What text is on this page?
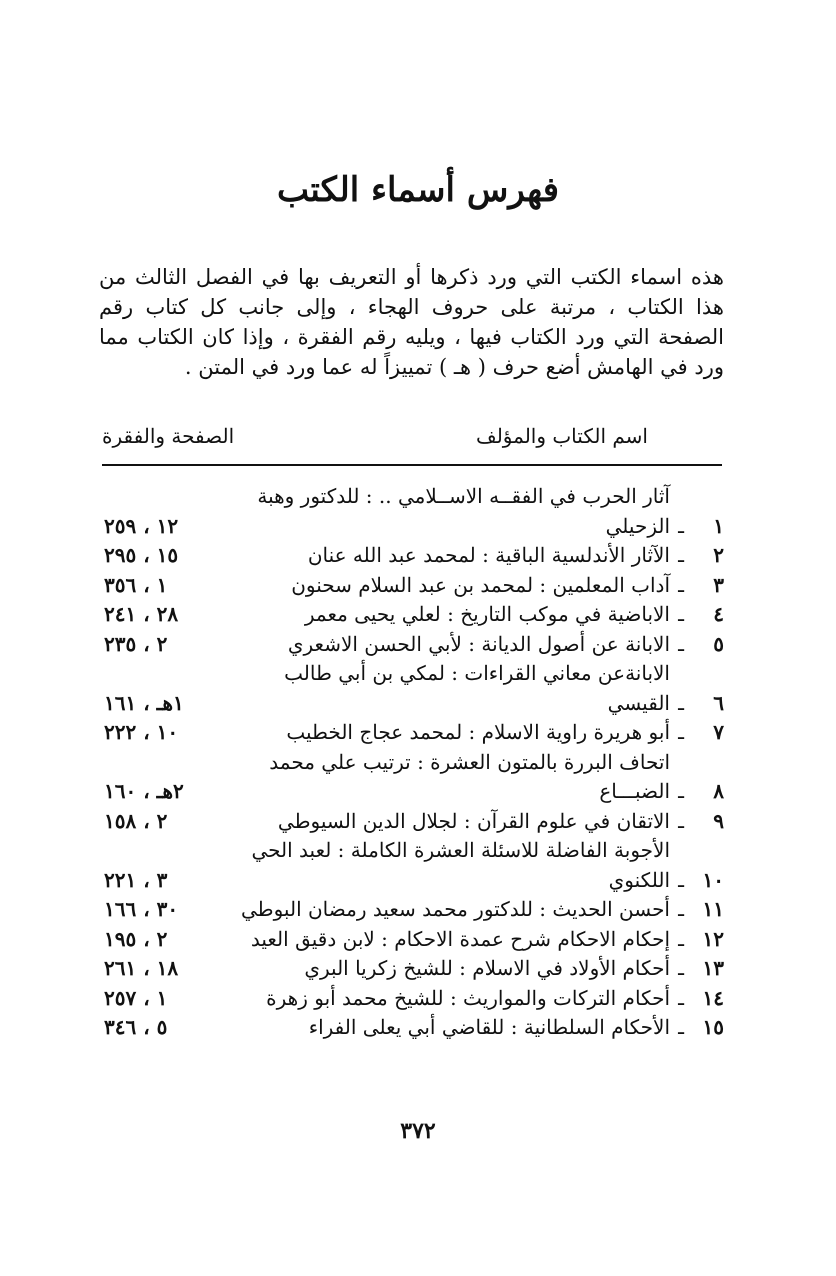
فهرس أسماء الكتب

هذه اسماء الكتب التي ورد ذكرها أو التعريف بها في الفصل الثالث من هذا الكتاب ، مرتبة على حروف الهجاء ، وإلى جانب كل كتاب رقم الصفحة التي ورد الكتاب فيها ، ويليه رقم الفقرة ، وإذا كان الكتاب مما ورد في الهامش أضع حرف ( هـ ) تمييزاً له عما ورد في المتن .

اسم الكتاب والمؤلف
الصفحة والفقرة
١
ـ
آثار الحرب في الفقــه الاســلامي .. : للدكتور وهبة الزحيلي
١٢ ، ٢٥٩
٢
ـ
الآثار الأندلسية الباقية : لمحمد عبد الله عنان
١٥ ، ٢٩٥
٣
ـ
آداب المعلمين : لمحمد بن عبد السلام سحنون
١ ، ٣٥٦
٤
ـ
الاباضية في موكب التاريخ : لعلي يحيى معمر
٢٨ ، ٢٤١
٥
ـ
الابانة عن أصول الديانة : لأبي الحسن الاشعري
٢ ، ٢٣٥
٦
ـ
الابانةعن معاني القراءات : لمكي بن أبي طالب القيسي
١هـ ، ١٦١
٧
ـ
أبو هريرة راوية الاسلام : لمحمد عجاج الخطيب
١٠ ، ٢٢٢
٨
ـ
اتحاف البررة بالمتون العشرة : ترتيب علي محمد الضبـــاع
٢هـ ، ١٦٠
٩
ـ
الاتقان في علوم القرآن : لجلال الدين السيوطي
٢ ، ١٥٨
١٠
ـ
الأجوبة الفاضلة للاسئلة العشرة الكاملة : لعبد الحي اللكنوي
٣ ، ٢٢١
١١
ـ
أحسن الحديث : للدكتور محمد سعيد رمضان البوطي
٣٠ ، ١٦٦
١٢
ـ
إحكام الاحكام شرح عمدة الاحكام : لابن دقيق العيد
٢ ، ١٩٥
١٣
ـ
أحكام الأولاد في الاسلام : للشيخ زكريا البري
١٨ ، ٢٦١
١٤
ـ
أحكام التركات والمواريث : للشيخ محمد أبو زهرة
١ ، ٢٥٧
١٥
ـ
الأحكام السلطانية : للقاضي أبي يعلى الفراء
٥ ، ٣٤٦
٣٧٢
